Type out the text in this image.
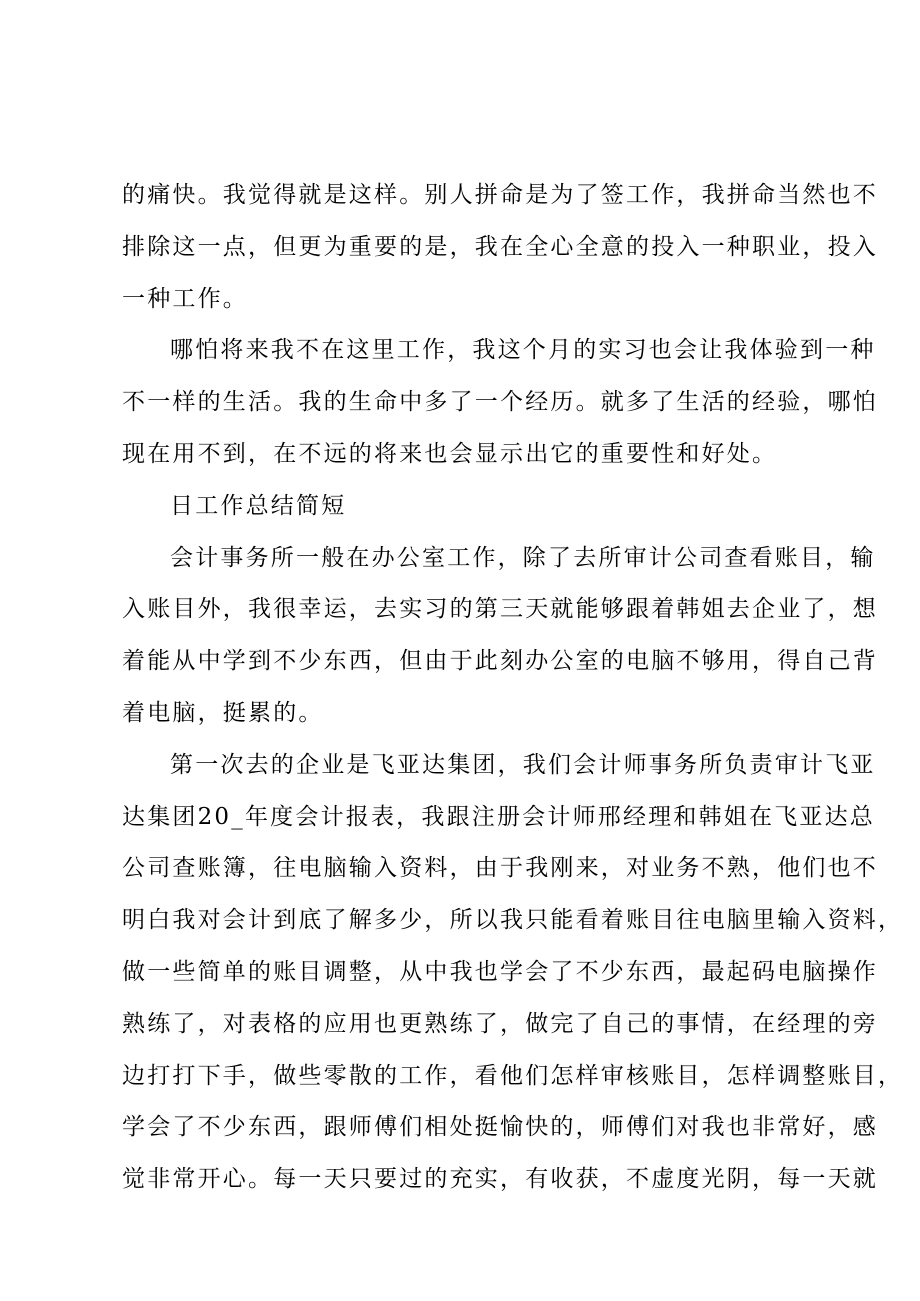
的痛快。我觉得就是这样。别人拼命是为了签工作，我拼命当然也不
排除这一点，但更为重要的是，我在全心全意的投入一种职业，投入
一种工作。
哪怕将来我不在这里工作，我这个月的实习也会让我体验到一种
不一样的生活。我的生命中多了一个经历。就多了生活的经验，哪怕
现在用不到，在不远的将来也会显示出它的重要性和好处。
日工作总结简短
会计事务所一般在办公室工作，除了去所审计公司查看账目，输
入账目外，我很幸运，去实习的第三天就能够跟着韩姐去企业了，想
着能从中学到不少东西，但由于此刻办公室的电脑不够用，得自己背
着电脑，挺累的。
第一次去的企业是飞亚达集团，我们会计师事务所负责审计飞亚
达集团20_年度会计报表，我跟注册会计师邢经理和韩姐在飞亚达总
公司查账簿，往电脑输入资料，由于我刚来，对业务不熟，他们也不
明白我对会计到底了解多少，所以我只能看着账目往电脑里输入资料，
做一些简单的账目调整，从中我也学会了不少东西，最起码电脑操作
熟练了，对表格的应用也更熟练了，做完了自己的事情，在经理的旁
边打打下手，做些零散的工作，看他们怎样审核账目，怎样调整账目，
学会了不少东西，跟师傅们相处挺愉快的，师傅们对我也非常好，感
觉非常开心。每一天只要过的充实，有收获，不虚度光阴，每一天就
